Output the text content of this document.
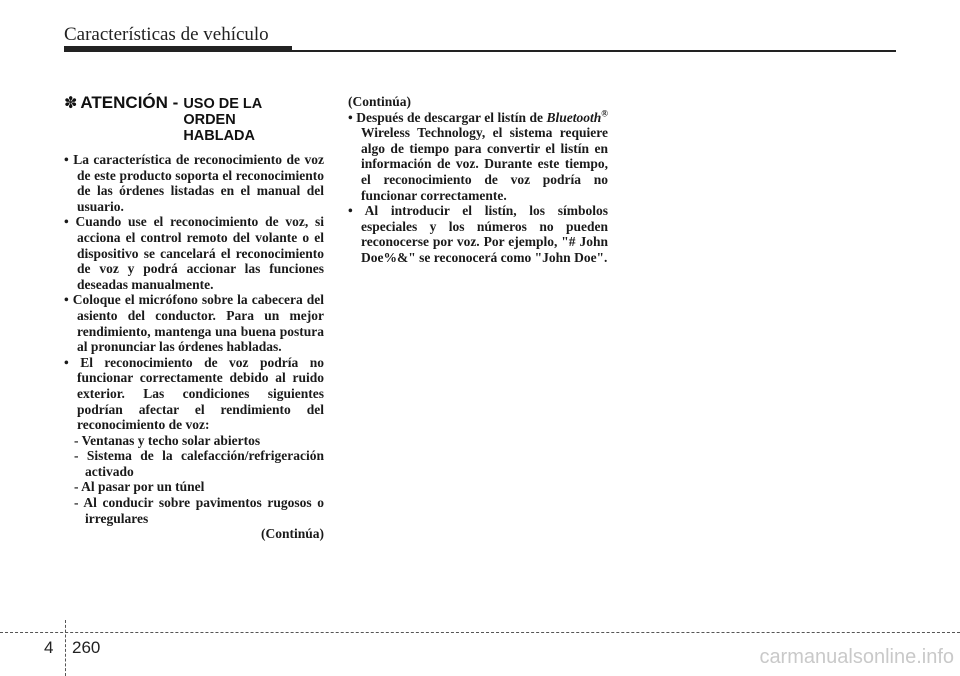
Características de vehículo
✽ ATENCIÓN - USO DE LA ORDEN HABLADA

• La característica de reconocimiento de voz de este producto soporta el reconocimiento de las órdenes listadas en el manual del usuario.

• Cuando use el reconocimiento de voz, si acciona el control remoto del volante o el dispositivo se cancelará el reconocimiento de voz y podrá accionar las funciones deseadas manualmente.

• Coloque el micrófono sobre la cabecera del asiento del conductor. Para un mejor rendimiento, mantenga una buena postura al pronunciar las órdenes habladas.

• El reconocimiento de voz podría no funcionar correctamente debido al ruido exterior. Las condiciones siguientes podrían afectar el rendimiento del reconocimiento de voz:

- Ventanas y techo solar abiertos

- Sistema de la calefacción/refrigeración activado

- Al pasar por un túnel

- Al conducir sobre pavimentos rugosos o irregulares

(Continúa)

(Continúa)

• Después de descargar el listín de Bluetooth® Wireless Technology, el sistema requiere algo de tiempo para convertir el listín en información de voz. Durante este tiempo, el reconocimiento de voz podría no funcionar correctamente.

• Al introducir el listín, los símbolos especiales y los números no pueden reconocerse por voz. Por ejemplo, "# John Doe%&" se reconocerá como "John Doe".

4 260	carmanualsonline.info
